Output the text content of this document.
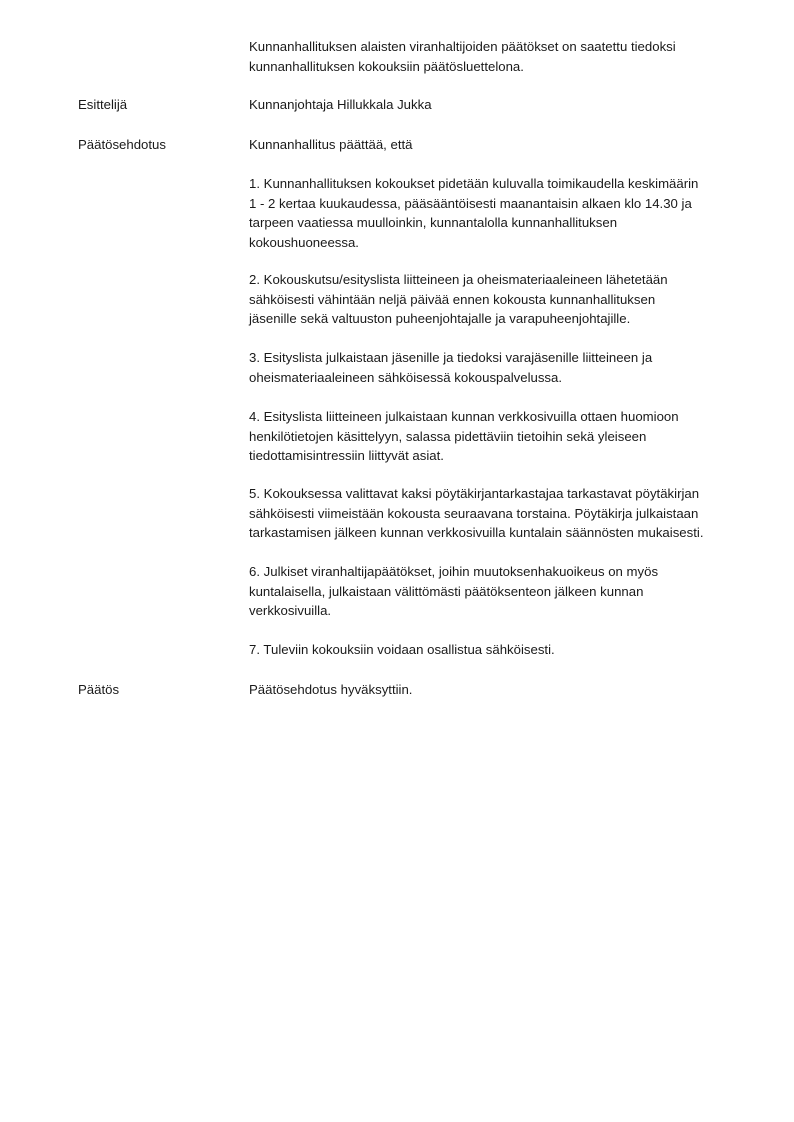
Kunnanhallituksen alaisten viranhaltijoiden päätökset on saatettu tiedoksi
kunnanhallituksen kokouksiin päätösluettelona.
Esittelijä	Kunnanjohtaja Hillukkala Jukka
Päätösehdotus	Kunnanhallitus päättää, että
1. Kunnanhallituksen kokoukset pidetään kuluvalla toimikaudella keskimäärin
1 - 2 kertaa kuukaudessa, pääsääntöisesti maanantaisin alkaen klo 14.30 ja
tarpeen vaatiessa muulloinkin, kunnantalolla kunnanhallituksen
kokoushuoneessa.
2. Kokouskutsu/esityslista liitteineen ja oheismateriaaleineen lähetetään
sähköisesti vähintään neljä päivää ennen kokousta kunnanhallituksen
jäsenille sekä valtuuston puheenjohtajalle ja varapuheenjohtajille.
3. Esityslista julkaistaan jäsenille ja tiedoksi varajäsenille liitteineen ja
oheismateriaaleineen sähköisessä kokouspalvelussa.
4. Esityslista liitteineen julkaistaan kunnan verkkosivuilla ottaen huomioon
henkilötietojen käsittelyyn, salassa pidettäviin tietoihin sekä yleiseen
tiedottamisintressiin liittyvät asiat.
5. Kokouksessa valittavat kaksi pöytäkirjantarkastajaa tarkastavat pöytäkirjan
sähköisesti viimeistään kokousta seuraavana torstaina. Pöytäkirja julkaistaan
tarkastamisen jälkeen kunnan verkkosivuilla kuntalain säännösten mukaisesti.
6. Julkiset viranhaltijapäätökset, joihin muutoksenhakuoikeus on myös
kuntalaisella, julkaistaan välittömästi päätöksenteon jälkeen kunnan
verkkosivuilla.
7. Tuleviin kokouksiin voidaan osallistua sähköisesti.
Päätös	Päätösehdotus hyväksyttiin.
